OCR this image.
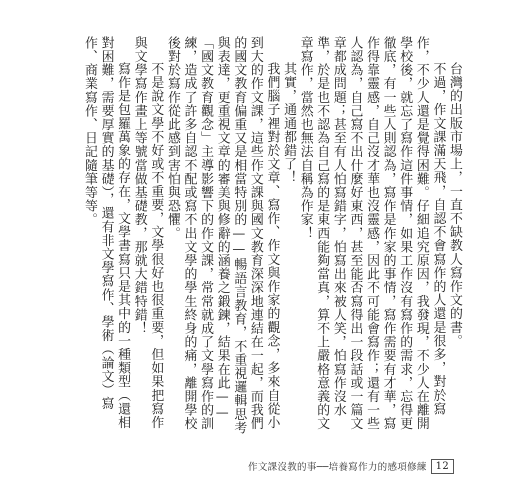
台灣的出版市場上，一直不缺教人寫作文的書。

不過，作文課滿天飛，自認不會寫作的人還是很多，對於寫作，不少人還是覺得困難。仔細追究原因，我發現，不少人在離開學校後，就忘了寫作這件事情，如果工作沒有寫作的需求，忘得更徹底，有一些人則認為，寫作是作家的事情，寫作需要有才華，寫作得靠靈感，自己沒才華也沒靈感，因此不可能會寫作；還有一些人認為，自己寫不出什麼好東西，甚至能否寫得出一段話或一篇文章都成問題；甚至有人怕寫錯字，怕寫出來被人笑，怕寫作沒水準，於是也不認為自己寫的是東西能夠當真，算不上嚴格意義的文章寫作，當然也無法自稱為作家！

其實，通通都錯了！

我們腦子裡對於文章、寫作、作文與作家的觀念，多來自從小到大的作文課，這些作文課與國文教育深深地連結在一起，而我們的國文教育偏重又是相當特別的——暢語言教育，不重視邏輯思考與表達，更重視文章的審美與修辭的涵養之鍛鍊，結果在此——「國文教育觀念」主導影響下的作文課，常常就成了文學寫作的訓練，造成了許多自認不配或寫不出文學的學生終身的痛，離開學校後對於寫作從此感到害怕與恐懼。

不是說文學不好或不重要，文學很好也很重要，但如果把寫作與文學寫作畫上等號當做基礎教，那就大錯特錯！

寫作是包羅萬象的存在，文學書寫只是其中的一種類型（還相對困難，需要厚實的基礎），還有非文學寫作、學術（論文）寫作、商業寫作、日記隨筆等等。

作文課沒教的事──培養寫作力的感項修練 12
